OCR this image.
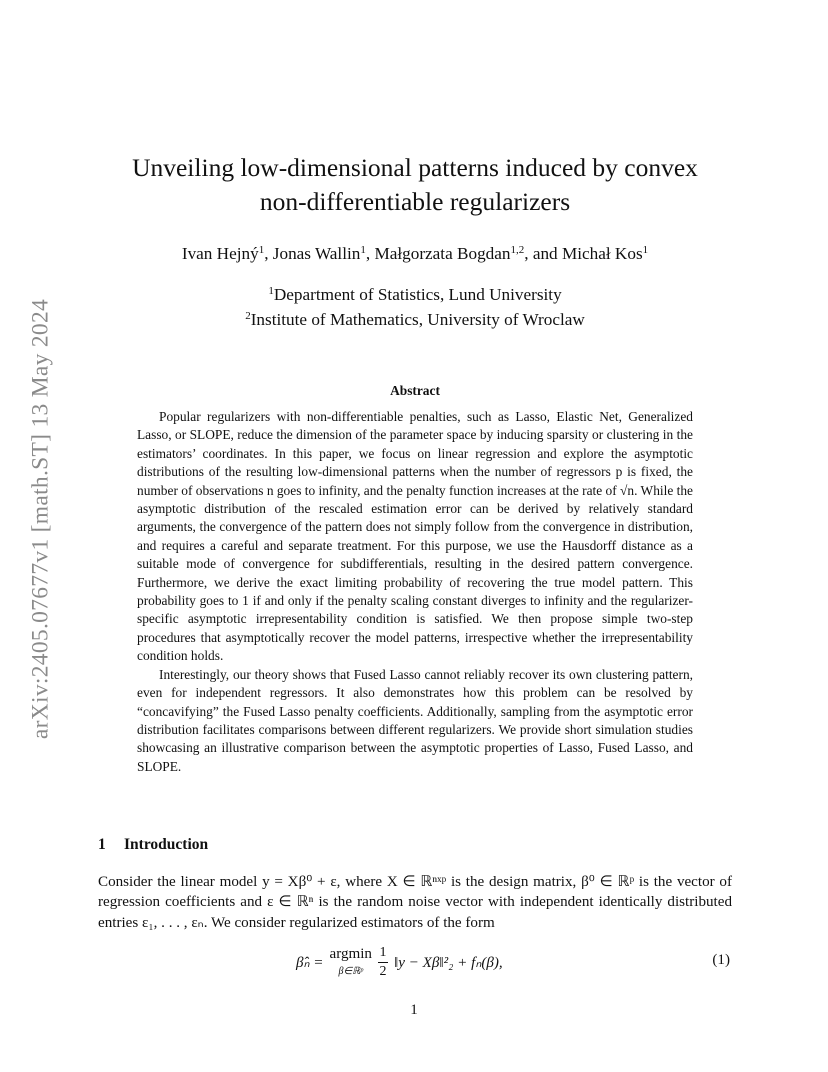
arXiv:2405.07677v1 [math.ST] 13 May 2024
Unveiling low-dimensional patterns induced by convex
non-differentiable regularizers
Ivan Hejný$^1$, Jonas Wallin$^1$, Małgorzata Bogdan$^{1,2}$, and Michał Kos$^1$
$^1$Department of Statistics, Lund University
$^2$Institute of Mathematics, University of Wroclaw
Abstract

Popular regularizers with non-differentiable penalties, such as Lasso, Elastic Net, Generalized Lasso, or SLOPE, reduce the dimension of the parameter space by inducing sparsity or clustering in the estimators’ coordinates. In this paper, we focus on linear regression and explore the asymptotic distributions of the resulting low-dimensional patterns when the number of regressors p is fixed, the number of observations n goes to infinity, and the penalty function increases at the rate of √n. While the asymptotic distribution of the rescaled estimation error can be derived by relatively standard arguments, the convergence of the pattern does not simply follow from the convergence in distribution, and requires a careful and separate treatment. For this purpose, we use the Hausdorff distance as a suitable mode of convergence for subdifferentials, resulting in the desired pattern convergence. Furthermore, we derive the exact limiting probability of recovering the true model pattern. This probability goes to 1 if and only if the penalty scaling constant diverges to infinity and the regularizer-specific asymptotic irrepresentability condition is satisfied. We then propose simple two-step procedures that asymptotically recover the model patterns, irrespective whether the irrepresentability condition holds.

Interestingly, our theory shows that Fused Lasso cannot reliably recover its own clustering pattern, even for independent regressors. It also demonstrates how this problem can be resolved by “concavifying” the Fused Lasso penalty coefficients. Additionally, sampling from the asymptotic error distribution facilitates comparisons between different regularizers. We provide short simulation studies showcasing an illustrative comparison between the asymptotic properties of Lasso, Fused Lasso, and SLOPE.

1 Introduction

Consider the linear model y = Xβ⁰ + ε, where X ∈ ℝⁿˣᵖ is the design matrix, β⁰ ∈ ℝᵖ is the vector of regression coefficients and ε ∈ ℝⁿ is the random noise vector with independent identically distributed entries ε₁, . . . , εₙ. We consider regularized estimators of the form

β̂ₙ =
argmin
β∈ℝᵖ $\frac{1}{2}$ ‖y − Xβ‖²₂ + fₙ(β),	(1)
1
